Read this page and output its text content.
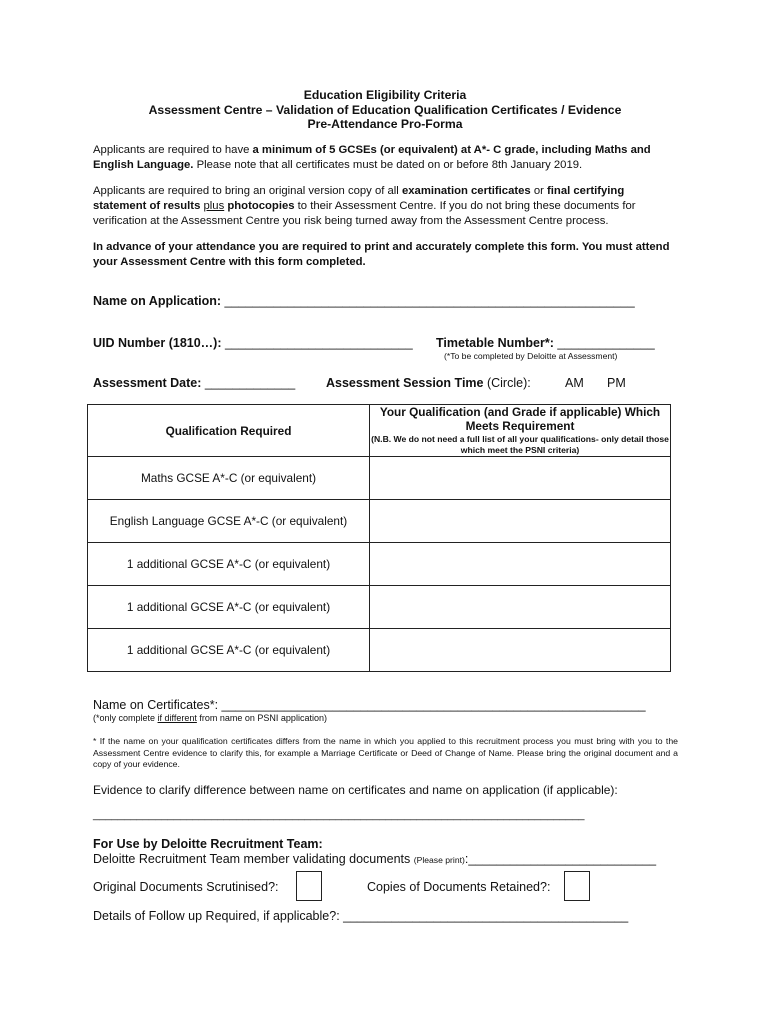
Education Eligibility Criteria
Assessment Centre – Validation of Education Qualification Certificates / Evidence
Pre-Attendance Pro-Forma
Applicants are required to have a minimum of 5 GCSEs (or equivalent) at A*- C grade, including Maths and English Language. Please note that all certificates must be dated on or before 8th January 2019.
Applicants are required to bring an original version copy of all examination certificates or final certifying statement of results plus photocopies to their Assessment Centre. If you do not bring these documents for verification at the Assessment Centre you risk being turned away from the Assessment Centre process.
In advance of your attendance you are required to print and accurately complete this form. You must attend your Assessment Centre with this form completed.
Name on Application: ___________________________________________________________
UID Number (1810…): ___________________________ Timetable Number*: ______________
(*To be completed by Deloitte at Assessment)
Assessment Date: _____________ Assessment Session Time (Circle):	AM PM
Qualification Required	Your Qualification (and Grade if applicable) Which Meets Requirement
(N.B. We do not need a full list of all your qualifications- only detail those which meet the PSNI criteria)

Maths GCSE A*-C (or equivalent)	
English Language GCSE A*-C (or equivalent)	
1 additional GCSE A*-C (or equivalent)	
1 additional GCSE A*-C (or equivalent)	
1 additional GCSE A*-C (or equivalent)	
Name on Certificates*: _____________________________________________________________
(*only complete if different from name on PSNI application)
* If the name on your qualification certificates differs from the name in which you applied to this recruitment process you must bring with you to the Assessment Centre evidence to clarify this, for example a Marriage Certificate or Deed of Change of Name. Please bring the original document and a copy of your evidence.
Evidence to clarify difference between name on certificates and name on application (if applicable):
_______________________________________________________________________________
For Use by Deloitte Recruitment Team:
Deloitte Recruitment Team member validating documents (Please print):___________________________
Original Documents Scrutinised?:	Copies of Documents Retained?:
Details of Follow up Required, if applicable?: _________________________________________
